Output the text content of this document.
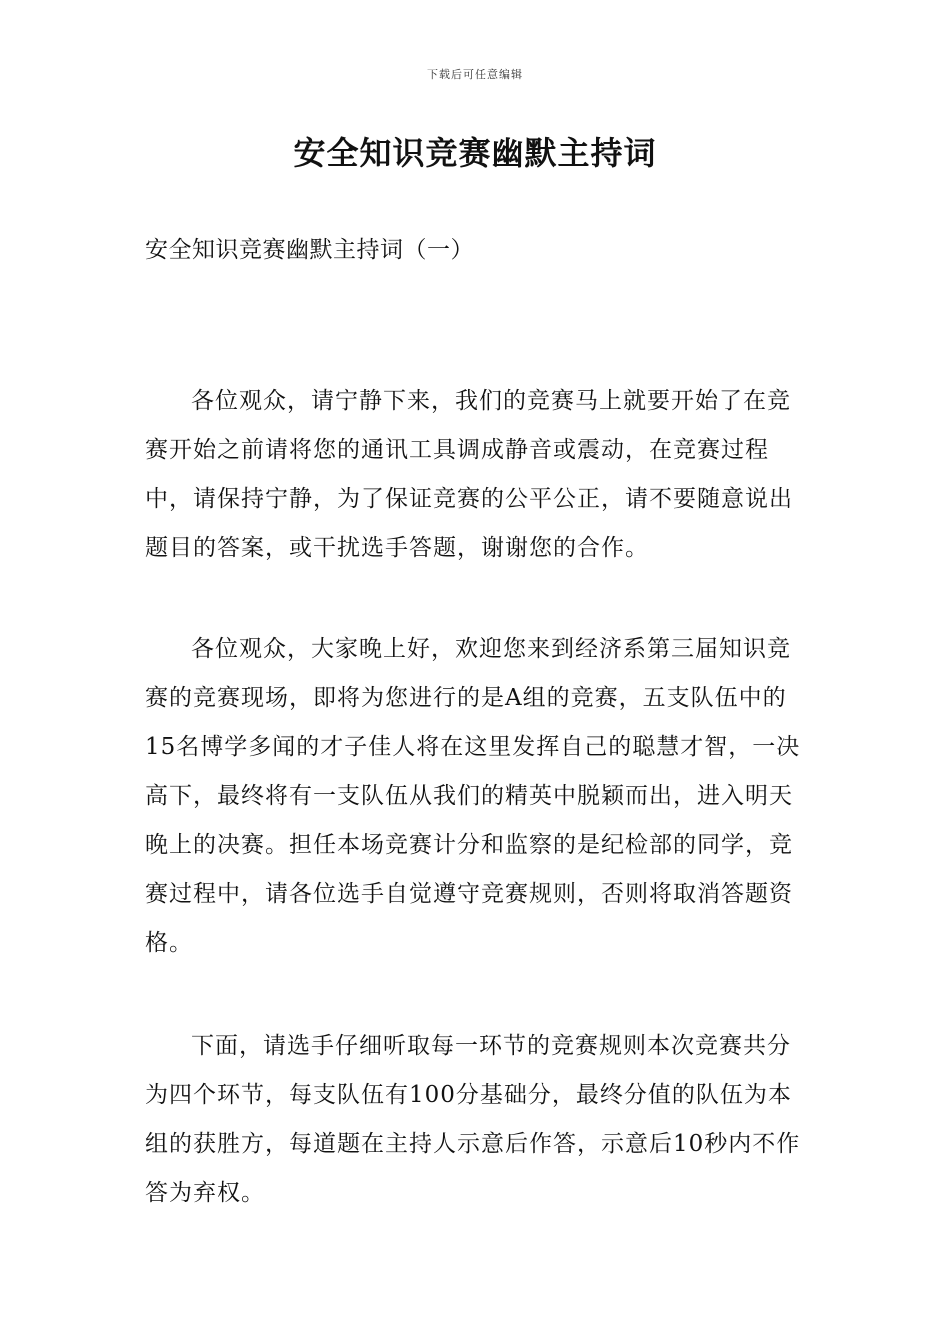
下载后可任意编辑
安全知识竞赛幽默主持词
安全知识竞赛幽默主持词（一）

各位观众，请宁静下来，我们的竞赛马上就要开始了在竞赛开始之前请将您的通讯工具调成静音或震动，在竞赛过程中，请保持宁静，为了保证竞赛的公平公正，请不要随意说出题目的答案，或干扰选手答题，谢谢您的合作。

各位观众，大家晚上好，欢迎您来到经济系第三届知识竞赛的竞赛现场，即将为您进行的是A组的竞赛，五支队伍中的15名博学多闻的才子佳人将在这里发挥自己的聪慧才智，一决高下，最终将有一支队伍从我们的精英中脱颖而出，进入明天晚上的决赛。担任本场竞赛计分和监察的是纪检部的同学，竞赛过程中，请各位选手自觉遵守竞赛规则，否则将取消答题资格。

下面，请选手仔细听取每一环节的竞赛规则本次竞赛共分为四个环节，每支队伍有100分基础分，最终分值的队伍为本组的获胜方，每道题在主持人示意后作答，示意后10秒内不作答为弃权。
